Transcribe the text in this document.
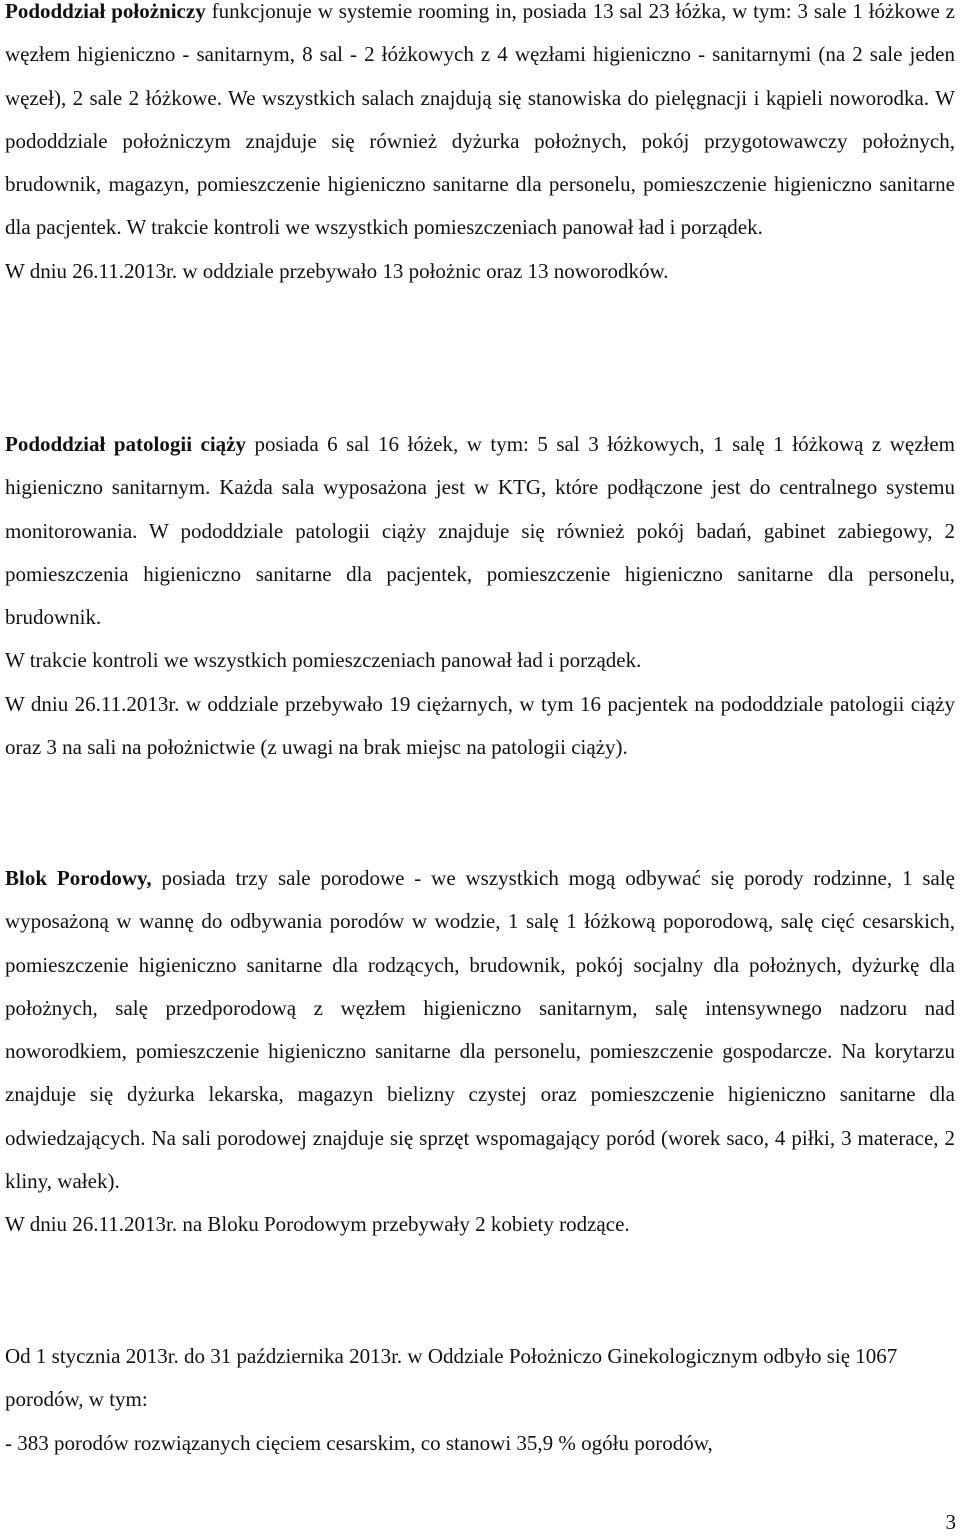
Pododdział położniczy funkcjonuje w systemie rooming in, posiada 13 sal 23 łóżka, w tym: 3 sale 1 łóżkowe z węzłem higieniczno - sanitarnym, 8 sal - 2 łóżkowych z 4 węzłami higieniczno - sanitarnymi (na 2 sale jeden węzeł), 2 sale 2 łóżkowe. We wszystkich salach znajdują się stanowiska do pielęgnacji i kąpieli noworodka. W pododdziale położniczym znajduje się również dyżurka położnych, pokój przygotowawczy położnych, brudownik, magazyn, pomieszczenie higieniczno sanitarne dla personelu, pomieszczenie higieniczno sanitarne dla pacjentek. W trakcie kontroli we wszystkich pomieszczeniach panował ład i porządek.
W dniu 26.11.2013r. w oddziale przebywało 13 położnic oraz 13 noworodków.
Pododdział patologii ciąży posiada 6 sal 16 łóżek, w tym: 5 sal 3 łóżkowych, 1 salę 1 łóżkową z węzłem higieniczno sanitarnym. Każda sala wyposażona jest w KTG, które podłączone jest do centralnego systemu monitorowania. W pododdziale patologii ciąży znajduje się również pokój badań, gabinet zabiegowy, 2 pomieszczenia higieniczno sanitarne dla pacjentek, pomieszczenie higieniczno sanitarne dla personelu, brudownik.
W trakcie kontroli we wszystkich pomieszczeniach panował ład i porządek.
W dniu 26.11.2013r. w oddziale przebywało 19 ciężarnych, w tym 16 pacjentek na pododdziale patologii ciąży oraz 3 na sali na położnictwie (z uwagi na brak miejsc na patologii ciąży).
Blok Porodowy, posiada trzy sale porodowe - we wszystkich mogą odbywać się porody rodzinne, 1 salę wyposażoną w wannę do odbywania porodów w wodzie, 1 salę 1 łóżkową poporodową, salę cięć cesarskich, pomieszczenie higieniczno sanitarne dla rodzących, brudownik, pokój socjalny dla położnych, dyżurkę dla położnych, salę przedporodową z węzłem higieniczno sanitarnym, salę intensywnego nadzoru nad noworodkiem, pomieszczenie higieniczno sanitarne dla personelu, pomieszczenie gospodarcze. Na korytarzu znajduje się dyżurka lekarska, magazyn bielizny czystej oraz pomieszczenie higieniczno sanitarne dla odwiedzających. Na sali porodowej znajduje się sprzęt wspomagający poród (worek saco, 4 piłki, 3 materace, 2 kliny, wałek).
W dniu 26.11.2013r. na Bloku Porodowym przebywały 2 kobiety rodzące.
Od 1 stycznia 2013r. do 31 października 2013r. w Oddziale Położniczo Ginekologicznym odbyło się 1067 porodów, w tym:
- 383 porodów rozwiązanych cięciem cesarskim, co stanowi 35,9 % ogółu porodów,
3
